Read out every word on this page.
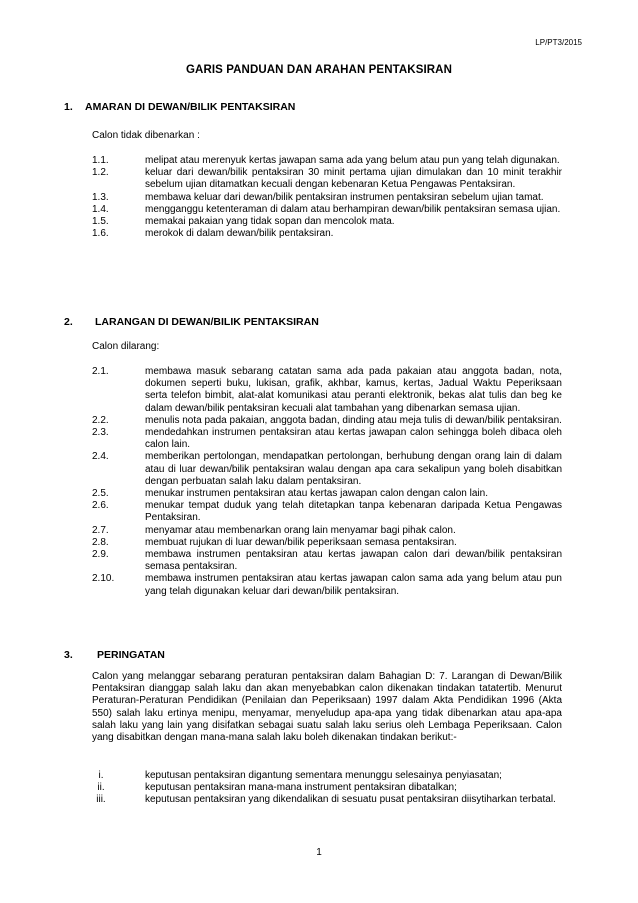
LP/PT3/2015
GARIS PANDUAN DAN ARAHAN PENTAKSIRAN
1. AMARAN DI DEWAN/BILIK PENTAKSIRAN
Calon tidak dibenarkan :
1.1.	melipat atau merenyuk kertas jawapan sama ada yang belum atau pun yang telah digunakan.
1.2.	keluar dari dewan/bilik pentaksiran 30 minit pertama ujian dimulakan dan 10 minit terakhir sebelum ujian ditamatkan kecuali dengan kebenaran Ketua Pengawas Pentaksiran.
1.3.	membawa keluar dari dewan/bilik pentaksiran instrumen pentaksiran sebelum ujian tamat.
1.4.	mengganggu ketenteraman di dalam atau berhampiran dewan/bilik pentaksiran semasa ujian.
1.5.	memakai pakaian yang tidak sopan dan mencolok mata.
1.6.	merokok di dalam dewan/bilik pentaksiran.
2. LARANGAN DI DEWAN/BILIK PENTAKSIRAN
Calon dilarang:
2.1.	membawa masuk sebarang catatan sama ada pada pakaian atau anggota badan, nota, dokumen seperti buku, lukisan, grafik, akhbar, kamus, kertas, Jadual Waktu Peperiksaan serta telefon bimbit, alat-alat komunikasi atau peranti elektronik, bekas alat tulis dan beg ke dalam dewan/bilik pentaksiran kecuali alat tambahan yang dibenarkan semasa ujian.
2.2.	menulis nota pada pakaian, anggota badan, dinding atau meja tulis di dewan/bilik pentaksiran.
2.3.	mendedahkan instrumen pentaksiran atau kertas jawapan calon sehingga boleh dibaca oleh calon lain.
2.4.	memberikan pertolongan, mendapatkan pertolongan, berhubung dengan orang lain di dalam atau di luar dewan/bilik pentaksiran walau dengan apa cara sekalipun yang boleh disabitkan dengan perbuatan salah laku dalam pentaksiran.
2.5.	menukar instrumen pentaksiran atau kertas jawapan calon dengan calon lain.
2.6.	menukar tempat duduk yang telah ditetapkan tanpa kebenaran daripada Ketua Pengawas Pentaksiran.
2.7.	menyamar atau membenarkan orang lain menyamar bagi pihak calon.
2.8.	membuat rujukan di luar dewan/bilik peperiksaan semasa pentaksiran.
2.9.	membawa instrumen pentaksiran atau kertas jawapan calon dari dewan/bilik pentaksiran semasa pentaksiran.
2.10.	membawa instrumen pentaksiran atau kertas jawapan calon sama ada yang belum atau pun yang telah digunakan keluar dari dewan/bilik pentaksiran.
3. PERINGATAN
Calon yang melanggar sebarang peraturan pentaksiran dalam Bahagian D: 7. Larangan di Dewan/Bilik Pentaksiran dianggap salah laku dan akan menyebabkan calon dikenakan tindakan tatatertib. Menurut Peraturan-Peraturan Pendidikan (Penilaian dan Peperiksaan) 1997 dalam Akta Pendidikan 1996 (Akta 550) salah laku ertinya menipu, menyamar, menyeludup apa-apa yang tidak dibenarkan atau apa-apa salah laku yang lain yang disifatkan sebagai suatu salah laku serius oleh Lembaga Peperiksaan. Calon yang disabitkan dengan mana-mana salah laku boleh dikenakan tindakan berikut:-
i.	keputusan pentaksiran digantung sementara menunggu selesainya penyiasatan;
ii.	keputusan pentaksiran mana-mana instrument pentaksiran dibatalkan;
iii.	keputusan pentaksiran yang dikendalikan di sesuatu pusat pentaksiran diisytiharkan terbatal.
1
